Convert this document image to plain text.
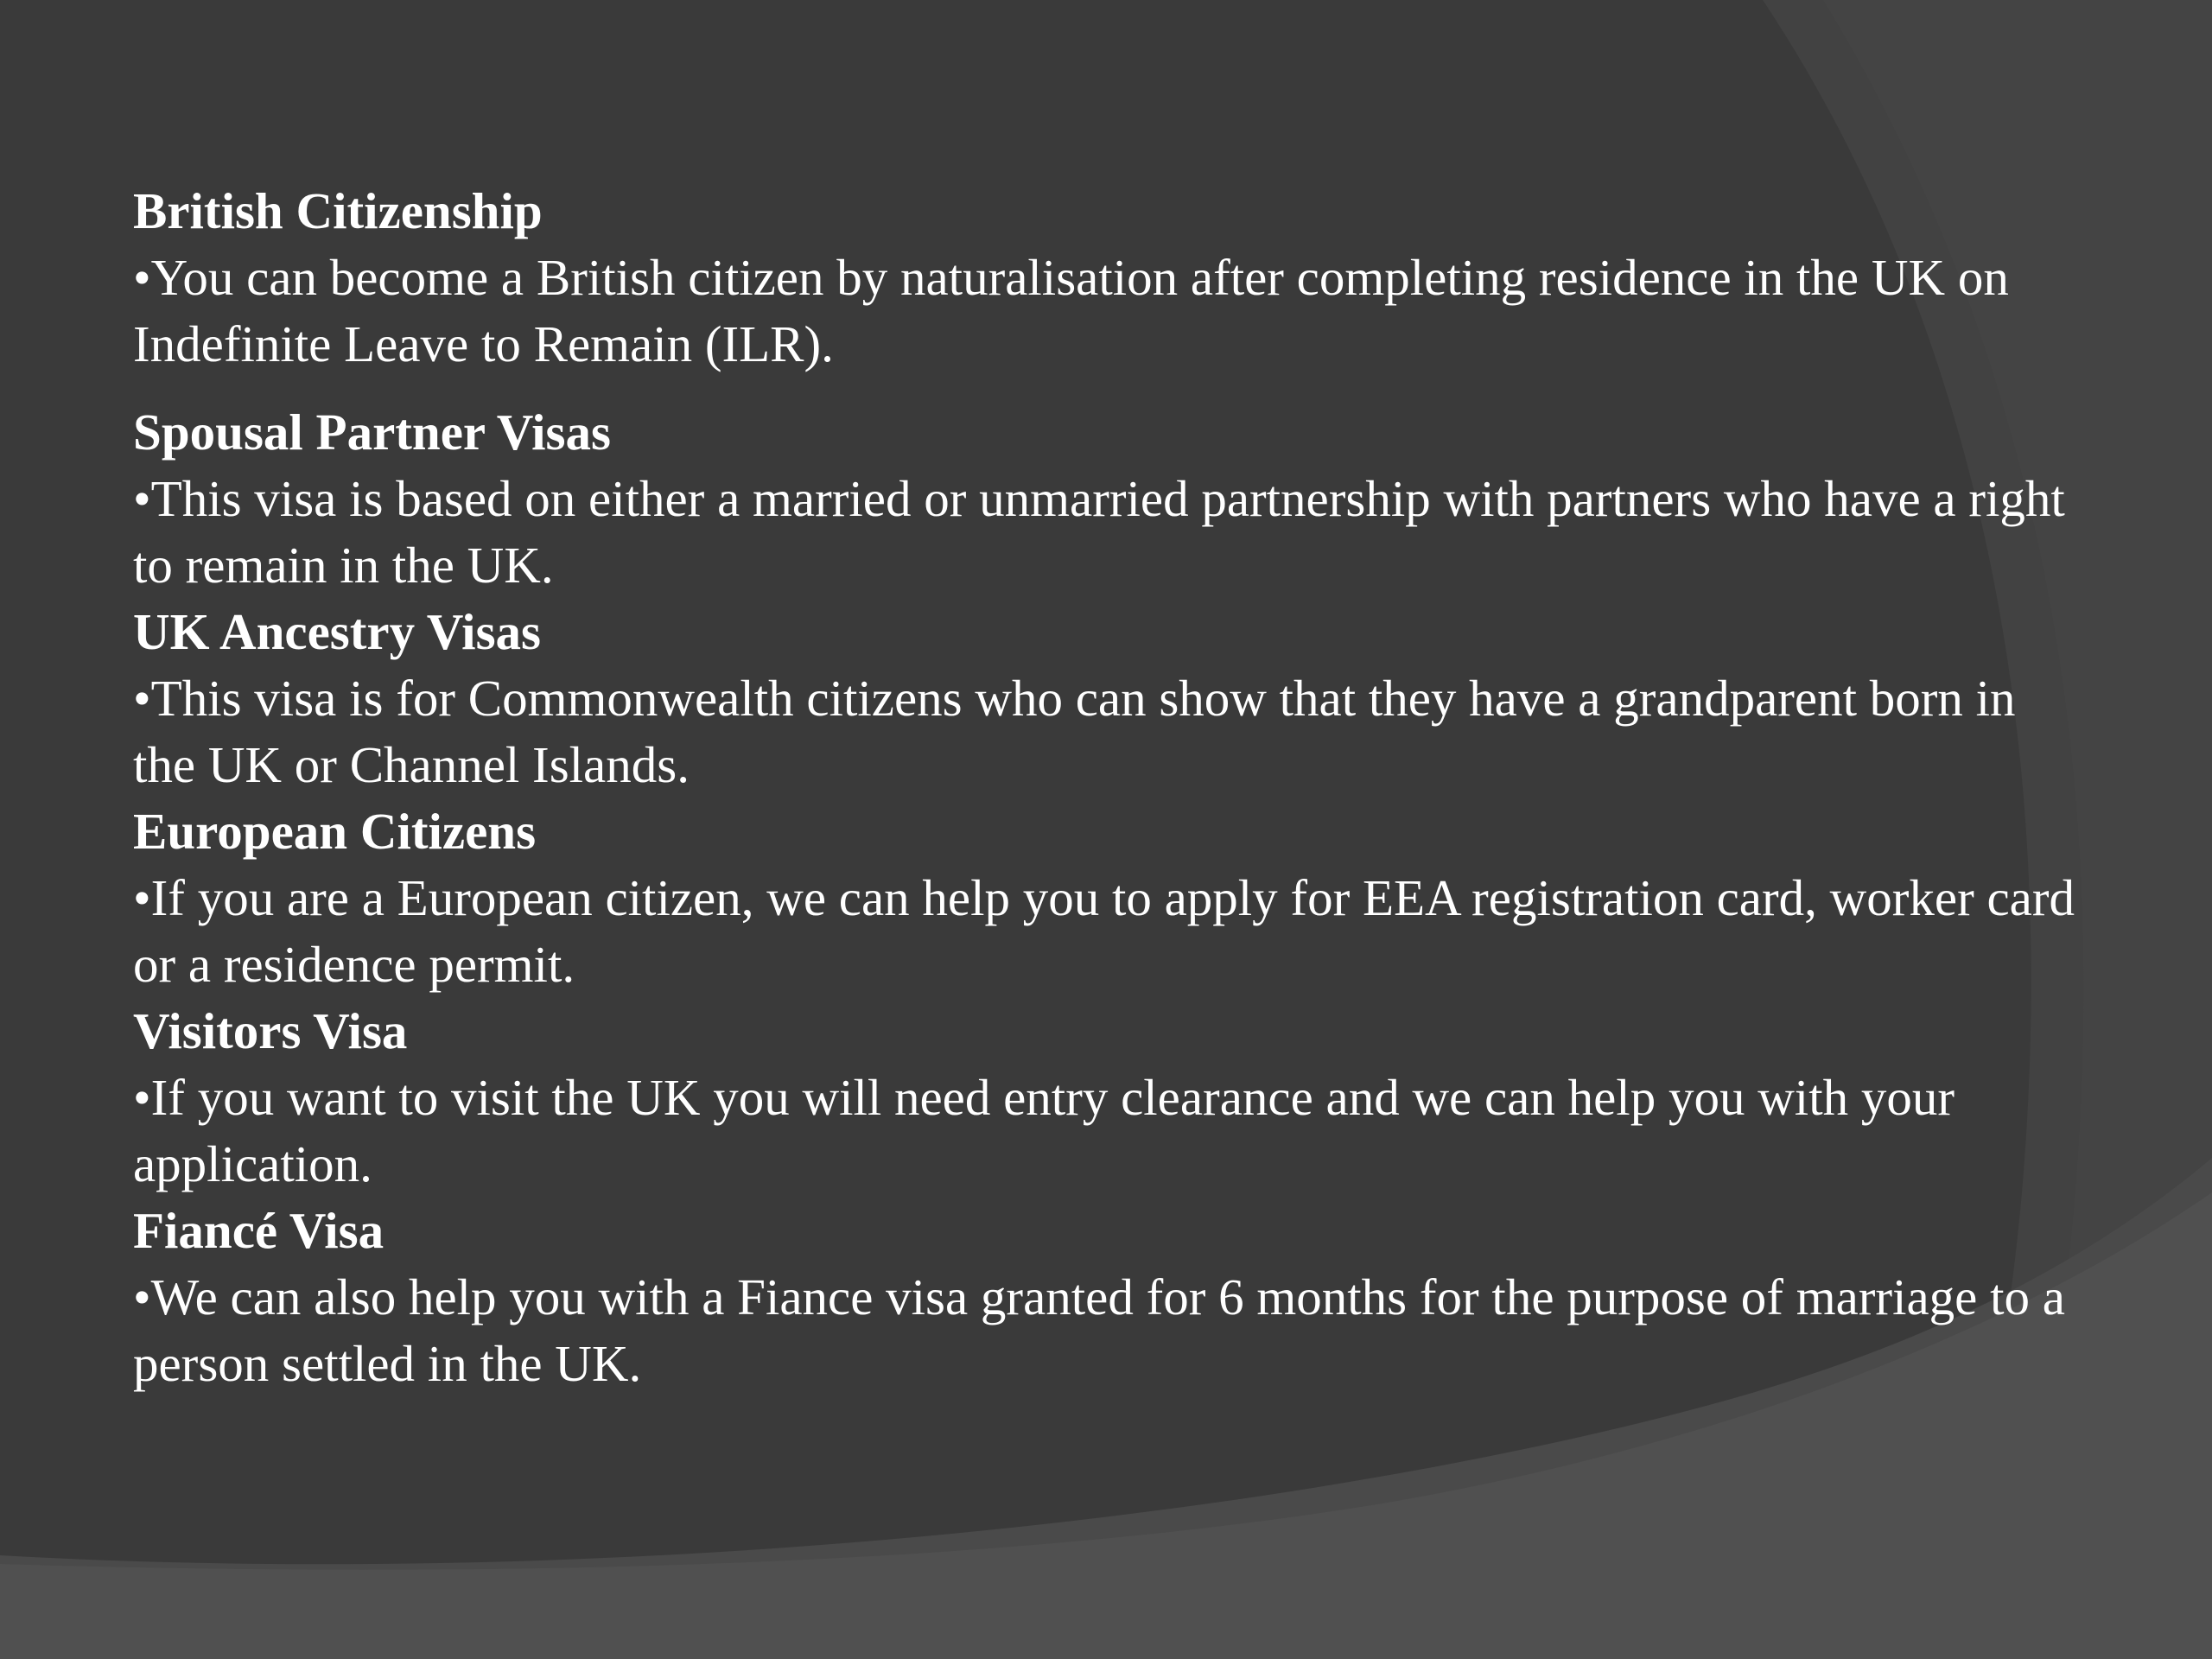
British Citizenship
•You can become a British citizen by naturalisation after completing residence in the UK on Indefinite Leave to Remain (ILR).
Spousal Partner Visas
•This visa is based on either a married or unmarried partnership with partners who have a right to remain in the UK.
UK Ancestry Visas
•This visa is for Commonwealth citizens who can show that they have a grandparent born in the UK or Channel Islands.
European Citizens
•If you are a European citizen, we can help you to apply for EEA registration card, worker card or a residence permit.
Visitors Visa
•If you want to visit the UK you will need entry clearance and we can help you with your application.
Fiancé Visa
•We can also help you with a Fiance visa granted for 6 months for the purpose of marriage to a person settled in the UK.
